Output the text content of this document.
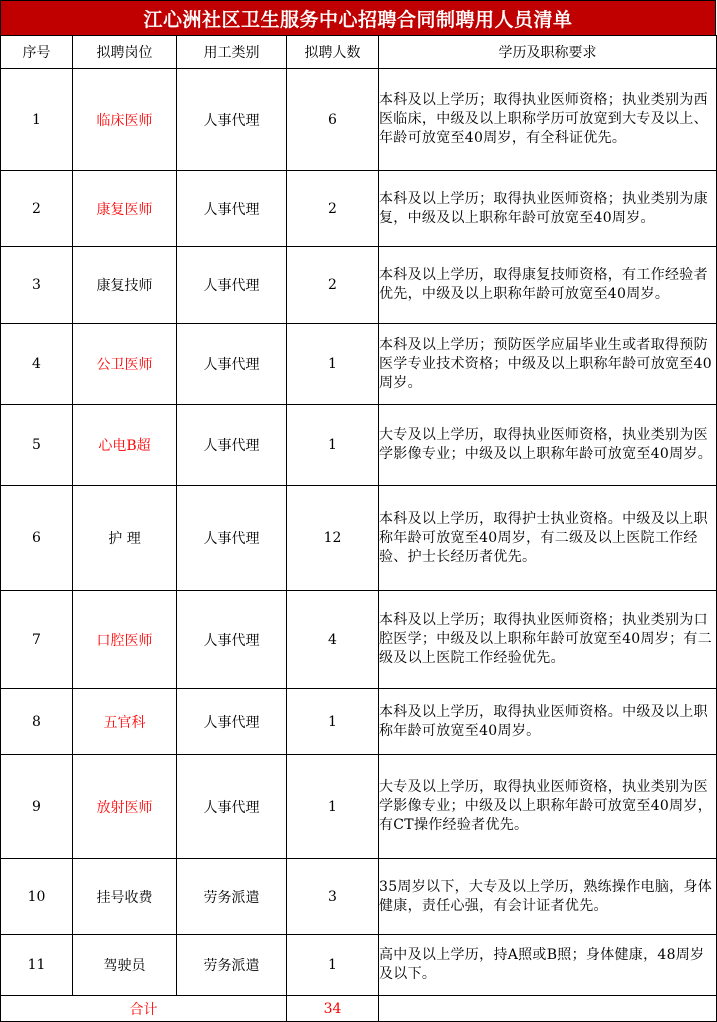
江心洲社区卫生服务中心招聘合同制聘用人员清单
序号	拟聘岗位	用工类别	拟聘人数	学历及职称要求
1	临床医师	人事代理	6	本科及以上学历；取得执业医师资格；执业类别为西医临床，中级及以上职称学历可放宽到大专及以上、年龄可放宽至40周岁，有全科证优先。
2	康复医师	人事代理	2	本科及以上学历；取得执业医师资格；执业类别为康复，中级及以上职称年龄可放宽至40周岁。
3	康复技师	人事代理	2	本科及以上学历，取得康复技师资格，有工作经验者优先，中级及以上职称年龄可放宽至40周岁。
4	公卫医师	人事代理	1	本科及以上学历；预防医学应届毕业生或者取得预防医学专业技术资格；中级及以上职称年龄可放宽至40周岁。
5	心电B超	人事代理	1	大专及以上学历，取得执业医师资格，执业类别为医学影像专业；中级及以上职称年龄可放宽至40周岁。
6	护 理	人事代理	12	本科及以上学历，取得护士执业资格。中级及以上职称年龄可放宽至40周岁，有二级及以上医院工作经验、护士长经历者优先。
7	口腔医师	人事代理	4	本科及以上学历；取得执业医师资格；执业类别为口腔医学；中级及以上职称年龄可放宽至40周岁；有二级及以上医院工作经验优先。
8	五官科	人事代理	1	本科及以上学历，取得执业医师资格。中级及以上职称年龄可放宽至40周岁。
9	放射医师	人事代理	1	大专及以上学历，取得执业医师资格，执业类别为医学影像专业；中级及以上职称年龄可放宽至40周岁，有CT操作经验者优先。
10	挂号收费	劳务派遣	3	35周岁以下，大专及以上学历，熟练操作电脑，身体健康，责任心强，有会计证者优先。
11	驾驶员	劳务派遣	1	高中及以上学历，持A照或B照；身体健康，48周岁及以下。
合计			34	
